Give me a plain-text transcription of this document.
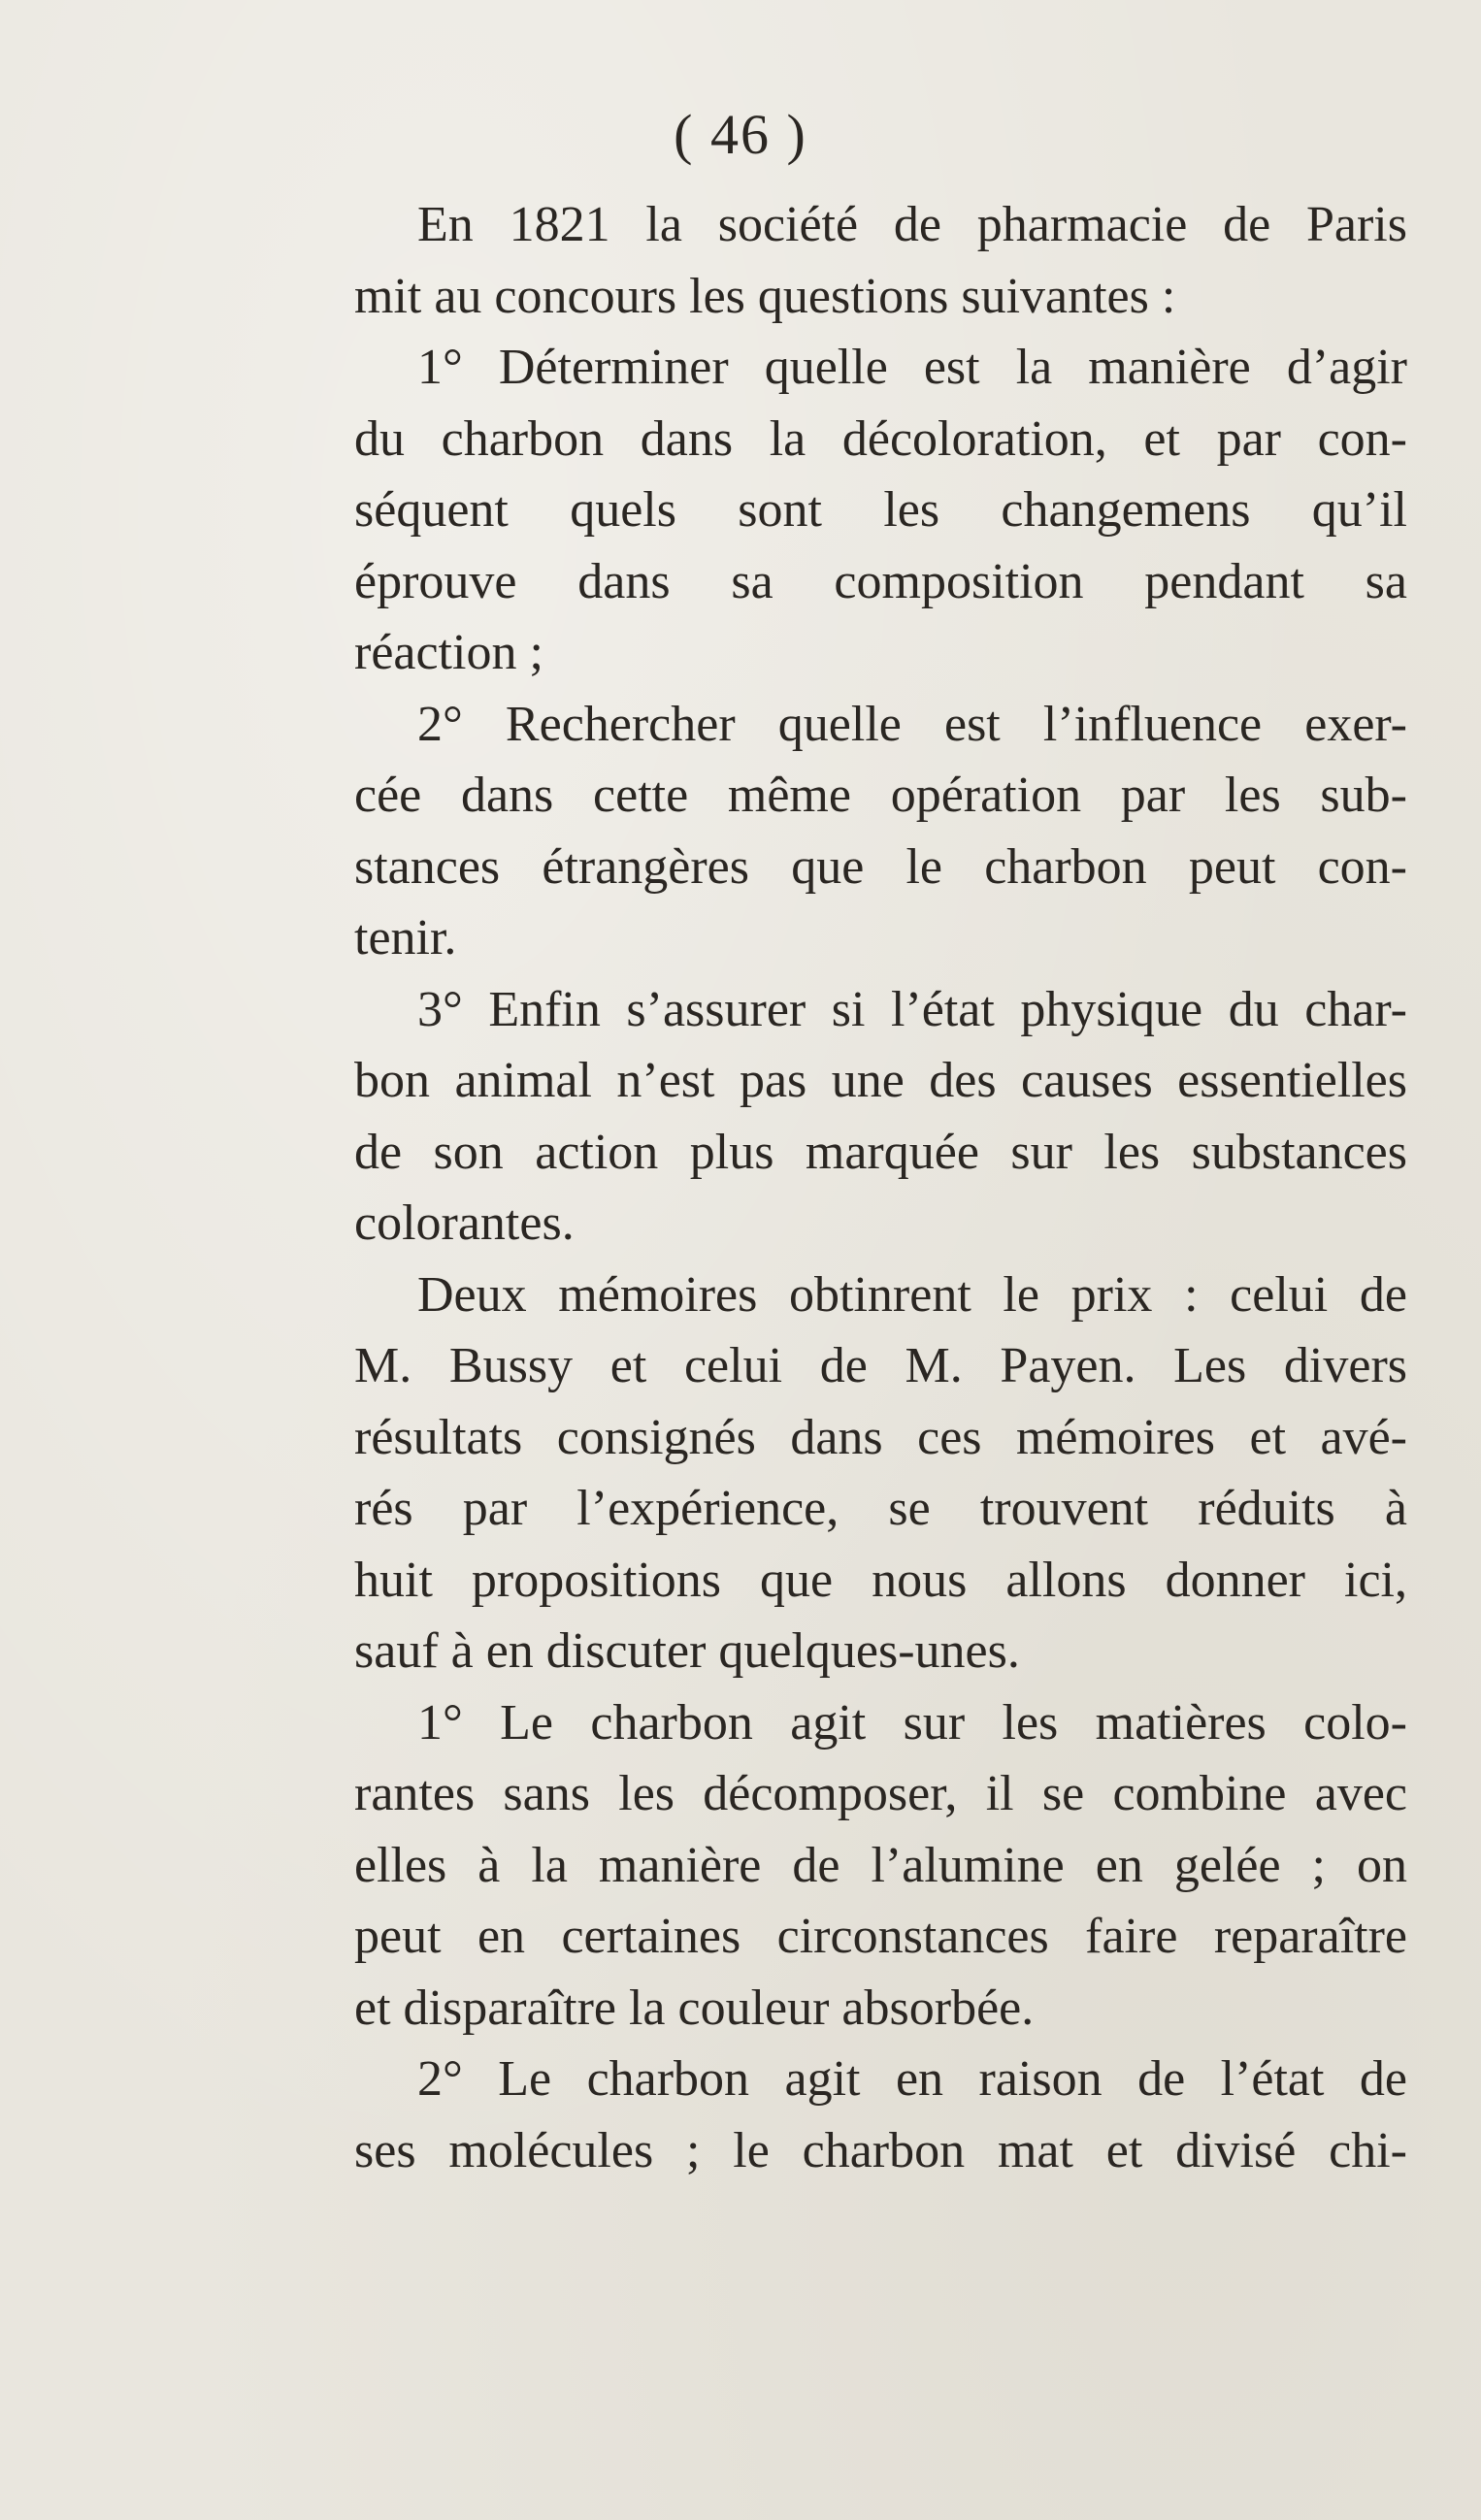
( 46 )
En 1821 la société de pharmacie de Paris
mit au concours les questions suivantes :
1° Déterminer quelle est la manière d’agir
du charbon dans la décoloration, et par con-
séquent quels sont les changemens qu’il
éprouve dans sa composition pendant sa
réaction ;
2° Rechercher quelle est l’influence exer-
cée dans cette même opération par les sub-
stances étrangères que le charbon peut con-
tenir.
3° Enfin s’assurer si l’état physique du char-
bon animal n’est pas une des causes essentielles
de son action plus marquée sur les substances
colorantes.
Deux mémoires obtinrent le prix : celui de
M. Bussy et celui de M. Payen. Les divers
résultats consignés dans ces mémoires et avé-
rés par l’expérience, se trouvent réduits à
huit propositions que nous allons donner ici,
sauf à en discuter quelques-unes.
1° Le charbon agit sur les matières colo-
rantes sans les décomposer, il se combine avec
elles à la manière de l’alumine en gelée ; on
peut en certaines circonstances faire reparaître
et disparaître la couleur absorbée.
2° Le charbon agit en raison de l’état de
ses molécules ; le charbon mat et divisé chi-
